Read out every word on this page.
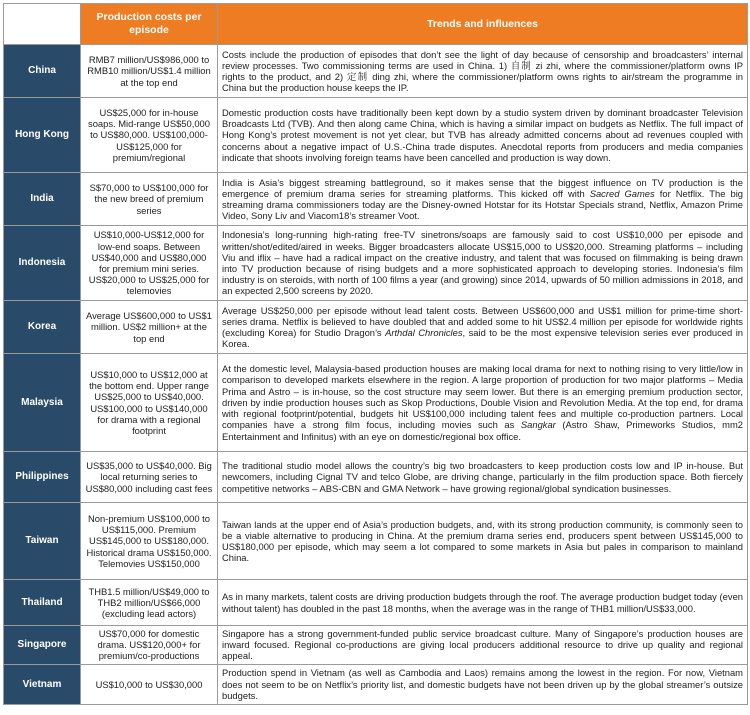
	Production costs per episode	Trends and influences
China	RMB7 million/US$986,000 to RMB10 million/US$1.4 million at the top end	Costs include the production of episodes that don’t see the light of day because of censorship and broadcasters’ internal review processes. Two commissioning terms are used in China. 1) 自制 zi zhi, where the commissioner/platform owns IP rights to the product, and 2) 定制 ding zhi, where the commissioner/platform owns rights to air/stream the programme in China but the production house keeps the IP.
Hong Kong	US$25,000 for in-house soaps. Mid-range US$50,000 to US$80,000. US$100,000-US$125,000 for premium/regional	Domestic production costs have traditionally been kept down by a studio system driven by dominant broadcaster Television Broadcasts Ltd (TVB). And then along came China, which is having a similar impact on budgets as Netflix. The full impact of Hong Kong’s protest movement is not yet clear, but TVB has already admitted concerns about ad revenues coupled with concerns about a negative impact of U.S.-China trade disputes. Anecdotal reports from producers and media companies indicate that shoots involving foreign teams have been cancelled and production is way down.
India	S$70,000 to US$100,000 for the new breed of premium series	India is Asia’s biggest streaming battleground, so it makes sense that the biggest influence on TV production is the emergence of premium drama series for streaming platforms. This kicked off with Sacred Games for Netflix. The big streaming drama commissioners today are the Disney-owned Hotstar for its Hotstar Specials strand, Netflix, Amazon Prime Video, Sony Liv and Viacom18’s streamer Voot.
Indonesia	US$10,000-US$12,000 for low-end soaps. Between US$40,000 and US$80,000 for premium mini series. US$20,000 to US$25,000 for telemovies	Indonesia’s long-running high-rating free-TV sinetrons/soaps are famously said to cost US$10,000 per episode and written/shot/edited/aired in weeks. Bigger broadcasters allocate US$15,000 to US$20,000. Streaming platforms – including Viu and iflix – have had a radical impact on the creative industry, and talent that was focused on filmmaking is being drawn into TV production because of rising budgets and a more sophisticated approach to developing stories. Indonesia’s film industry is on steroids, with north of 100 films a year (and growing) since 2014, upwards of 50 million admissions in 2018, and an expected 2,500 screens by 2020.
Korea	Average US$600,000 to US$1 million. US$2 million+ at the top end	Average US$250,000 per episode without lead talent costs. Between US$600,000 and US$1 million for prime-time short-series drama. Netflix is believed to have doubled that and added some to hit US$2.4 million per episode for worldwide rights (excluding Korea) for Studio Dragon’s Arthdal Chronicles, said to be the most expensive television series ever produced in Korea.
Malaysia	US$10,000 to US$12,000 at the bottom end. Upper range US$25,000 to US$40,000. US$100,000 to US$140,000 for drama with a regional footprint	At the domestic level, Malaysia-based production houses are making local drama for next to nothing rising to very little/low in comparison to developed markets elsewhere in the region. A large proportion of production for two major platforms – Media Prima and Astro – is in-house, so the cost structure may seem lower. But there is an emerging premium production sector, driven by indie production houses such as Skop Productions, Double Vision and Revolution Media. At the top end, for drama with regional footprint/potential, budgets hit US$100,000 including talent fees and multiple co-production partners. Local companies have a strong film focus, including movies such as Sangkar (Astro Shaw, Primeworks Studios, mm2 Entertainment and Infinitus) with an eye on domestic/regional box office.
Philippines	US$35,000 to US$40,000. Big local returning series to US$80,000 including cast fees	The traditional studio model allows the country’s big two broadcasters to keep production costs low and IP in-house. But newcomers, including Cignal TV and telco Globe, are driving change, particularly in the film production space. Both fiercely competitive networks – ABS-CBN and GMA Network – have growing regional/global syndication businesses.
Taiwan	Non-premium US$100,000 to US$115,000. Premium US$145,000 to US$180,000. Historical drama US$150,000. Telemovies US$150,000	Taiwan lands at the upper end of Asia’s production budgets, and, with its strong production community, is commonly seen to be a viable alternative to producing in China. At the premium drama series end, producers spent between US$145,000 to US$180,000 per episode, which may seem a lot compared to some markets in Asia but pales in comparison to mainland China.
Thailand	THB1.5 million/US$49,000 to THB2 million/US$66,000 (excluding lead actors)	As in many markets, talent costs are driving production budgets through the roof. The average production budget today (even without talent) has doubled in the past 18 months, when the average was in the range of THB1 million/US$33,000.
Singapore	US$70,000 for domestic drama. US$120,000+ for premium/co-productions	Singapore has a strong government-funded public service broadcast culture. Many of Singapore’s production houses are inward focused. Regional co-productions are giving local producers additional resource to drive up quality and regional appeal.
Vietnam	US$10,000 to US$30,000	Production spend in Vietnam (as well as Cambodia and Laos) remains among the lowest in the region. For now, Vietnam does not seem to be on Netflix’s priority list, and domestic budgets have not been driven up by the global streamer’s outsize budgets.
